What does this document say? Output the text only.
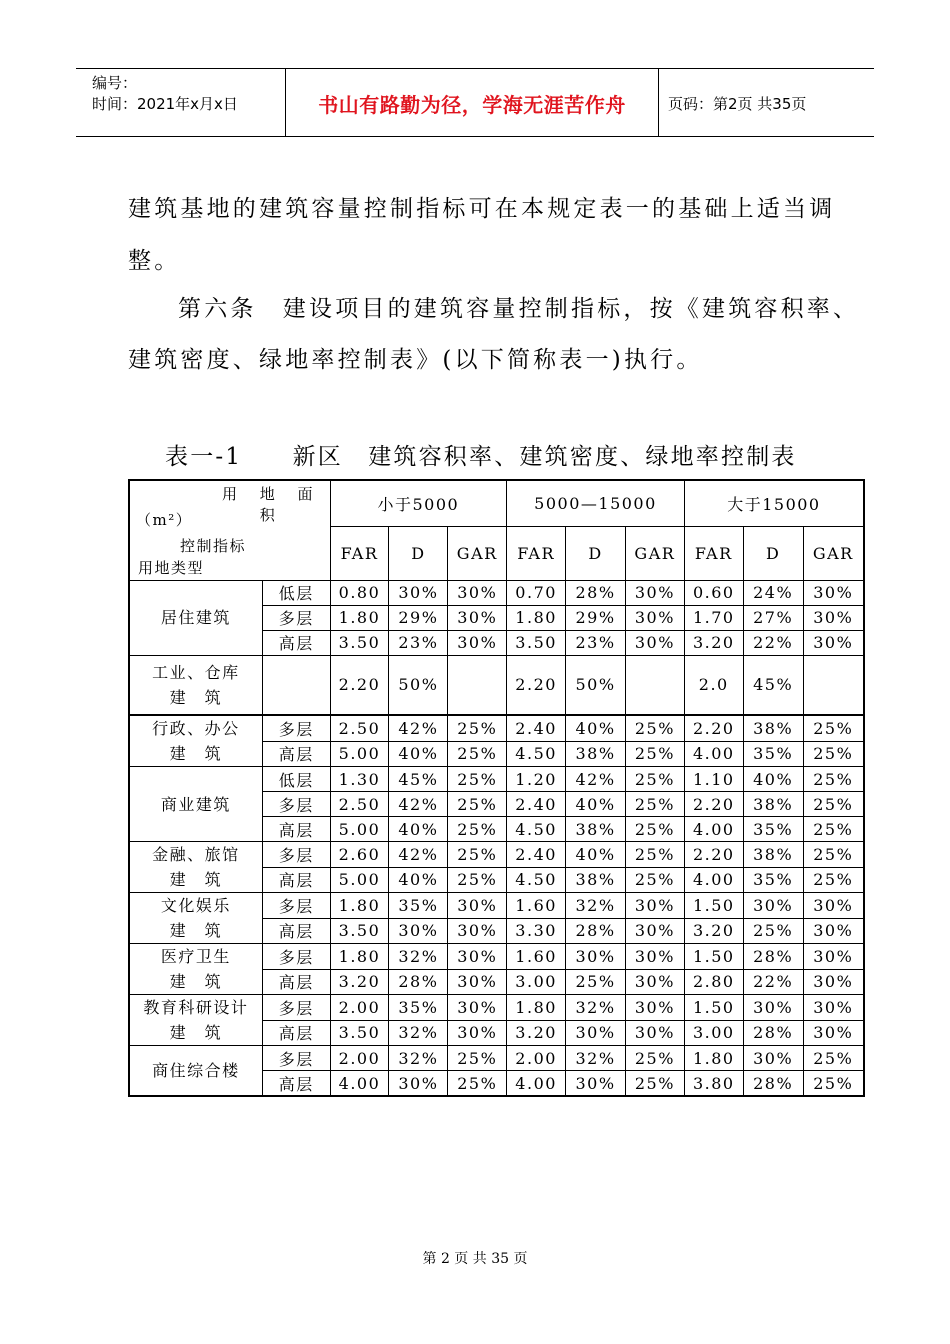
编号：
时间：2021年x月x日	书山有路勤为径，学海无涯苦作舟	页码：第2页 共35页
建筑基地的建筑容量控制指标可在本规定表一的基础上适当调
整。
第六条　建设项目的建筑容量控制指标，按《建筑容积率、
建筑密度、绿地率控制表》(以下简称表一)执行。
表一-1　　新区　建筑容积率、建筑密度、绿地率控制表
用 地 面 积
（m²）
控制指标
用地类型		小于5000			5000—15000			大于15000		
		FAR	D	GAR	FAR	D	GAR	FAR	D	GAR
居住建筑	低层	0.80	30%	30%	0.70	28%	30%	0.60	24%	30%
	多层	1.80	29%	30%	1.80	29%	30%	1.70	27%	30%
	高层	3.50	23%	30%	3.50	23%	30%	3.20	22%	30%
工业、仓库
建　筑		2.20	50%		2.20	50%		2.0	45%	
行政、办公
建　筑	多层	2.50	42%	25%	2.40	40%	25%	2.20	38%	25%
	高层	5.00	40%	25%	4.50	38%	25%	4.00	35%	25%
商业建筑	低层	1.30	45%	25%	1.20	42%	25%	1.10	40%	25%
	多层	2.50	42%	25%	2.40	40%	25%	2.20	38%	25%
	高层	5.00	40%	25%	4.50	38%	25%	4.00	35%	25%
金融、旅馆
建　筑	多层	2.60	42%	25%	2.40	40%	25%	2.20	38%	25%
	高层	5.00	40%	25%	4.50	38%	25%	4.00	35%	25%
文化娱乐
建　筑	多层	1.80	35%	30%	1.60	32%	30%	1.50	30%	30%
	高层	3.50	30%	30%	3.30	28%	30%	3.20	25%	30%
医疗卫生
建　筑	多层	1.80	32%	30%	1.60	30%	30%	1.50	28%	30%
	高层	3.20	28%	30%	3.00	25%	30%	2.80	22%	30%
教育科研设计
建　筑	多层	2.00	35%	30%	1.80	32%	30%	1.50	30%	30%
	高层	3.50	32%	30%	3.20	30%	30%	3.00	28%	30%
商住综合楼	多层	2.00	32%	25%	2.00	32%	25%	1.80	30%	25%
	高层	4.00	30%	25%	4.00	30%	25%	3.80	28%	25%
第 2 页 共 35 页
